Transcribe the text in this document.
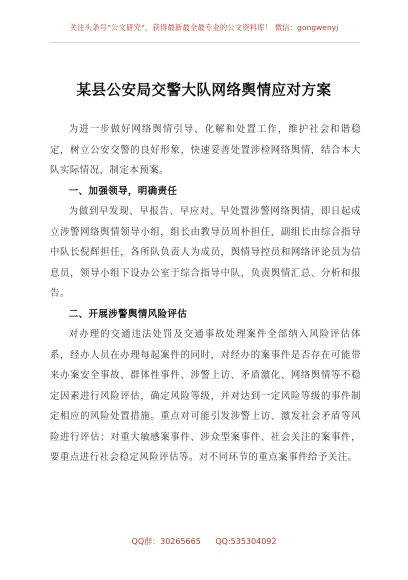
关注头条号“公文研究”，获得最新最全最专业的公文资料库！ 微信：gongwenyj
某县公安局交警大队网络舆情应对方案

为进一步做好网络舆情引导、化解和处置工作，维护社会和谐稳定，树立公安交警的良好形象，快速妥善处置涉检网络舆情，结合本大队实际情况，制定本预案。

一、加强领导，明确责任

为做到早发现、早报告、早应对、早处置涉警网络舆情，即日起成立涉警网络舆情领导小组，组长由教导员周朴担任，副组长由综合指导中队长倪辉担任，各所队负责人为成员，舆情导控员和网络评论员为信息员，领导小组下设办公室于综合指导中队，负责舆情汇总、分析和报告。

二、开展涉警舆情风险评估

对办理的交通违法处罚及交通事故处理案件全部纳入风险评估体系，经办人员在办理每起案件的同时，对经办的案事件是否存在可能带来办案安全事故、群体性事件、涉警上访、矛盾激化、网络舆情等不稳定因素进行风险评估，确定风险等级，并对达到一定风险等级的事件制定相应的风险处置措施。重点对可能引发涉警上访、激发社会矛盾等风险进行评估；对重大敏感案事件、涉众型案事件、社会关注的案事件，要重点进行社会稳定风险评估等。对不同环节的重点案事件给予关注。

QQ群：30265665 QQ:535304092
